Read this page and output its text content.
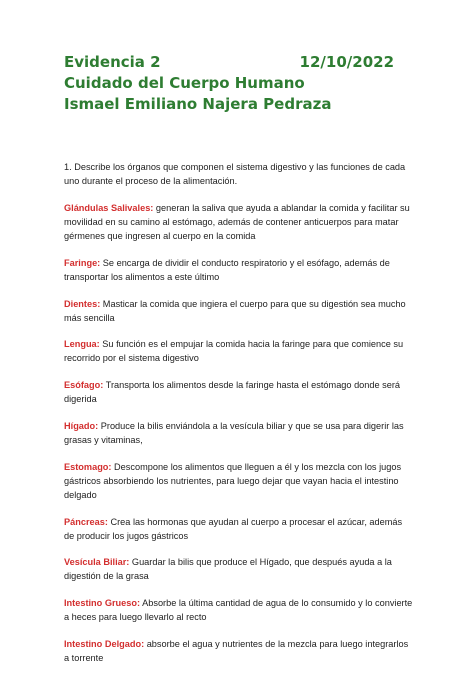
Evidencia 2	12/10/2022
Cuidado del Cuerpo Humano
Ismael Emiliano Najera Pedraza

1. Describe los órganos que componen el sistema digestivo y las funciones de cada uno durante el proceso de la alimentación.

Glándulas Salivales: generan la saliva que ayuda a ablandar la comida y facilitar su movilidad en su camino al estómago, además de contener anticuerpos para matar gérmenes que ingresen al cuerpo en la comida

Faringe: Se encarga de dividir el conducto respiratorio y el esófago, además de transportar los alimentos a este último

Dientes: Masticar la comida que ingiera el cuerpo para que su digestión sea mucho más sencilla

Lengua: Su función es el empujar la comida hacia la faringe para que comience su recorrido por el sistema digestivo

Esófago: Transporta los alimentos desde la faringe hasta el estómago donde será digerida

Hígado: Produce la bilis enviándola a la vesícula biliar y que se usa para digerir las grasas y vitaminas,

Estomago: Descompone los alimentos que lleguen a él y los mezcla con los jugos gástricos absorbiendo los nutrientes, para luego dejar que vayan hacia el intestino delgado

Páncreas: Crea las hormonas que ayudan al cuerpo a procesar el azúcar, además de producir los jugos gástricos

Vesícula Biliar: Guardar la bilis que produce el Hígado, que después ayuda a la digestión de la grasa

Intestino Grueso: Absorbe la última cantidad de agua de lo consumido y lo convierte a heces para luego llevarlo al recto

Intestino Delgado: absorbe el agua y nutrientes de la mezcla para luego integrarlos a torrente
